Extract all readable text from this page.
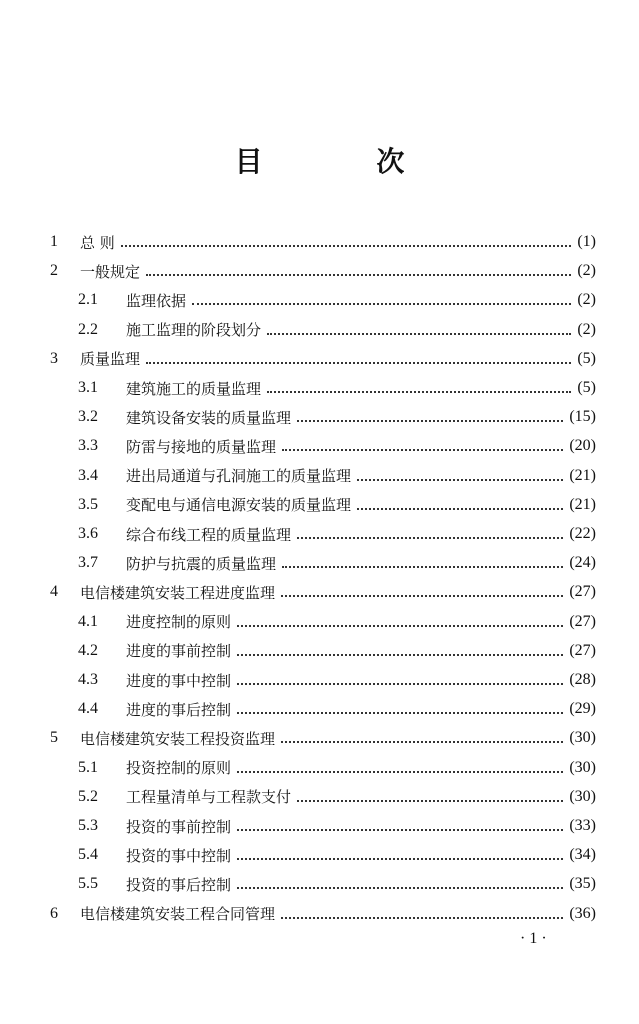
目 次
1	总 则	(1)
2	一般规定	(2)
2.1	监理依据	(2)
2.2	施工监理的阶段划分	(2)
3	质量监理	(5)
3.1	建筑施工的质量监理	(5)
3.2	建筑设备安装的质量监理	(15)
3.3	防雷与接地的质量监理	(20)
3.4	进出局通道与孔洞施工的质量监理	(21)
3.5	变配电与通信电源安装的质量监理	(21)
3.6	综合布线工程的质量监理	(22)
3.7	防护与抗震的质量监理	(24)
4	电信楼建筑安装工程进度监理	(27)
4.1	进度控制的原则	(27)
4.2	进度的事前控制	(27)
4.3	进度的事中控制	(28)
4.4	进度的事后控制	(29)
5	电信楼建筑安装工程投资监理	(30)
5.1	投资控制的原则	(30)
5.2	工程量清单与工程款支付	(30)
5.3	投资的事前控制	(33)
5.4	投资的事中控制	(34)
5.5	投资的事后控制	(35)
6	电信楼建筑安装工程合同管理	(36)
· 1 ·
